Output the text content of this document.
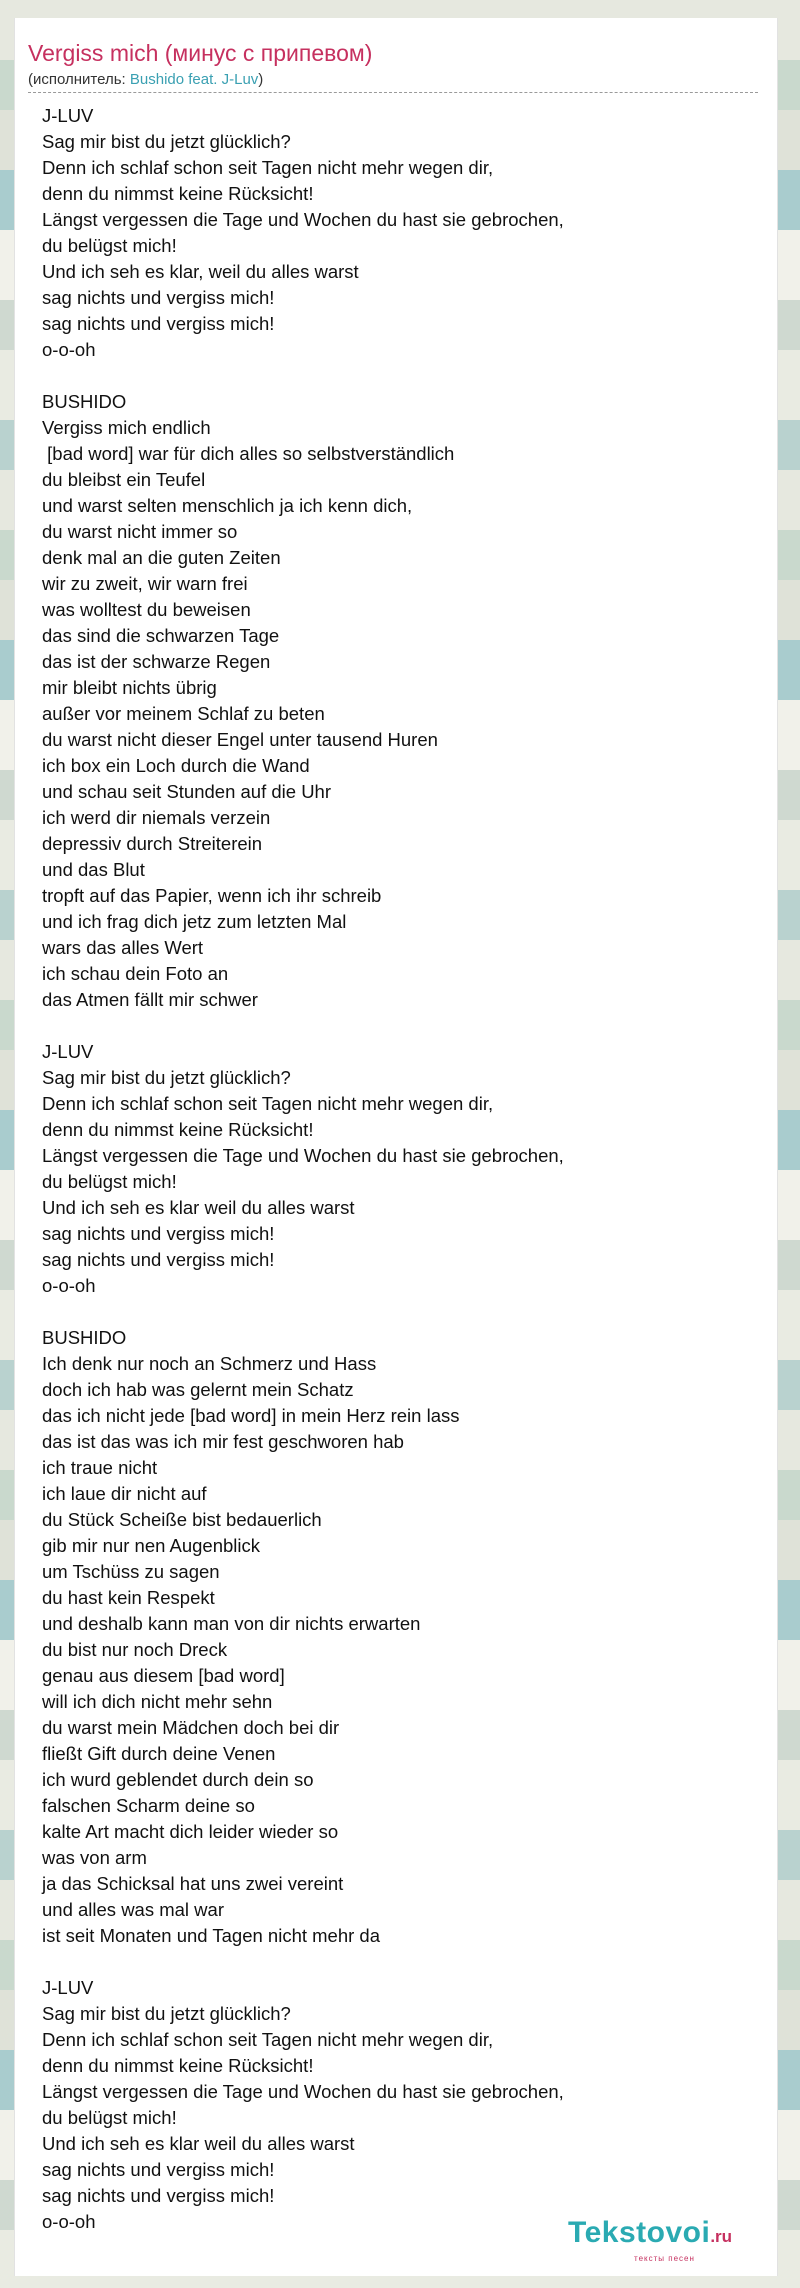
Vergiss mich (минус с припевом)
(исполнитель: Bushido feat. J-Luv)
J-LUV
Sag mir bist du jetzt glücklich?
Denn ich schlaf schon seit Tagen nicht mehr wegen dir,
denn du nimmst keine Rücksicht!
Längst vergessen die Tage und Wochen du hast sie gebrochen,
du belügst mich!
Und ich seh es klar, weil du alles warst
sag nichts und vergiss mich!
sag nichts und vergiss mich!
o-o-oh
BUSHIDO
Vergiss mich endlich
[bad word] war für dich alles so selbstverständlich
du bleibst ein Teufel
und warst selten menschlich ja ich kenn dich,
du warst nicht immer so
denk mal an die guten Zeiten
wir zu zweit, wir warn frei
was wolltest du beweisen
das sind die schwarzen Tage
das ist der schwarze Regen
mir bleibt nichts übrig
außer vor meinem Schlaf zu beten
du warst nicht dieser Engel unter tausend Huren
ich box ein Loch durch die Wand
und schau seit Stunden auf die Uhr
ich werd dir niemals verzein
depressiv durch Streiterein
und das Blut
tropft auf das Papier, wenn ich ihr schreib
und ich frag dich jetz zum letzten Mal
wars das alles Wert
ich schau dein Foto an
das Atmen fällt mir schwer
J-LUV
Sag mir bist du jetzt glücklich?
Denn ich schlaf schon seit Tagen nicht mehr wegen dir,
denn du nimmst keine Rücksicht!
Längst vergessen die Tage und Wochen du hast sie gebrochen,
du belügst mich!
Und ich seh es klar weil du alles warst
sag nichts und vergiss mich!
sag nichts und vergiss mich!
o-o-oh
BUSHIDO
Ich denk nur noch an Schmerz und Hass
doch ich hab was gelernt mein Schatz
das ich nicht jede [bad word] in mein Herz rein lass
das ist das was ich mir fest geschworen hab
ich traue nicht
ich laue dir nicht auf
du Stück Scheiße bist bedauerlich
gib mir nur nen Augenblick
um Tschüss zu sagen
du hast kein Respekt
und deshalb kann man von dir nichts erwarten
du bist nur noch Dreck
genau aus diesem [bad word]
will ich dich nicht mehr sehn
du warst mein Mädchen doch bei dir
fließt Gift durch deine Venen
ich wurd geblendet durch dein so
falschen Scharm deine so
kalte Art macht dich leider wieder so
was von arm
ja das Schicksal hat uns zwei vereint
und alles was mal war
ist seit Monaten und Tagen nicht mehr da
J-LUV
Sag mir bist du jetzt glücklich?
Denn ich schlaf schon seit Tagen nicht mehr wegen dir,
denn du nimmst keine Rücksicht!
Längst vergessen die Tage und Wochen du hast sie gebrochen,
du belügst mich!
Und ich seh es klar weil du alles warst
sag nichts und vergiss mich!
sag nichts und vergiss mich!
o-o-oh	Tekstovoi.ru
тексты песен
